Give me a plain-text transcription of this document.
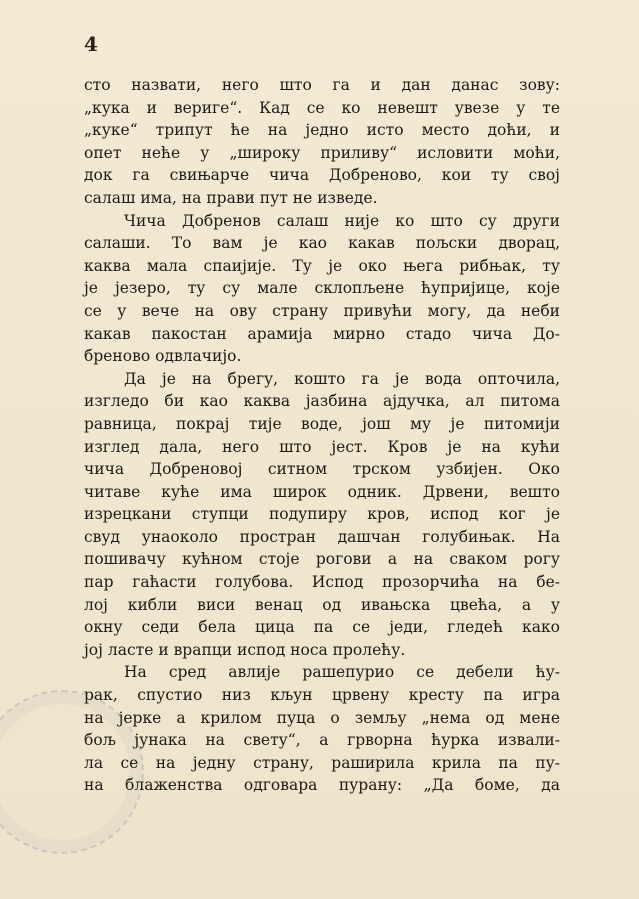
4
сто назвати, него што га и дан данас зову:
„кука и вериге“. Кад се ко невешт увезе у те
„куке“ трипут ће на једно исто место доћи, и
опет неће у „широку приливу“ исловити моћи,
док га свињарче чича Добреново, кои ту свој
салаш има, на прави пут не изведе.
Чича Добренов салаш није ко што су други
салаши. То вам је као какав пољски дворац,
каква мала спаијије. Ту је око њега рибњак, ту
је језеро, ту су мале склопљене ћупријице, које
се у вече на ову страну привући могу, да неби
какав пакостан арамија мирно стадо чича До-
бреново одвлачијо.
Да је на брегу, кошто га је вода опточила,
изгледо би као каква јазбина ајдучка, ал питома
равница, покрај тије воде, још му је питомији
изглед дала, него што јест. Кров је на кући
чича Добреновој ситном трском узбијен. Око
читаве куће има широк одник. Дрвени, вешто
изрецкани ступци подупиру кров, испод ког је
свуд унаоколо простран дашчан голубињак. На
пошивачу кућном стоје рогови а на сваком рогу
пар гаћасти голубова. Испод прозорчића на бе-
лој кибли виси венац од ивањска цвећа, а у
окну седи бела цица па се једи, гледећ како
јој ласте и врапци испод носа пролећу.
На сред авлије рашепурио се дебели ћу-
рак, спустио низ кљун црвену кресту па игра
на јерке а крилом пуца о земљу „нема од мене
бољ јунака на свету“, а грворна ћурка извали-
ла се на једну страну, раширила крила па пу-
на блаженства одговара пурану: „Да боме, да
